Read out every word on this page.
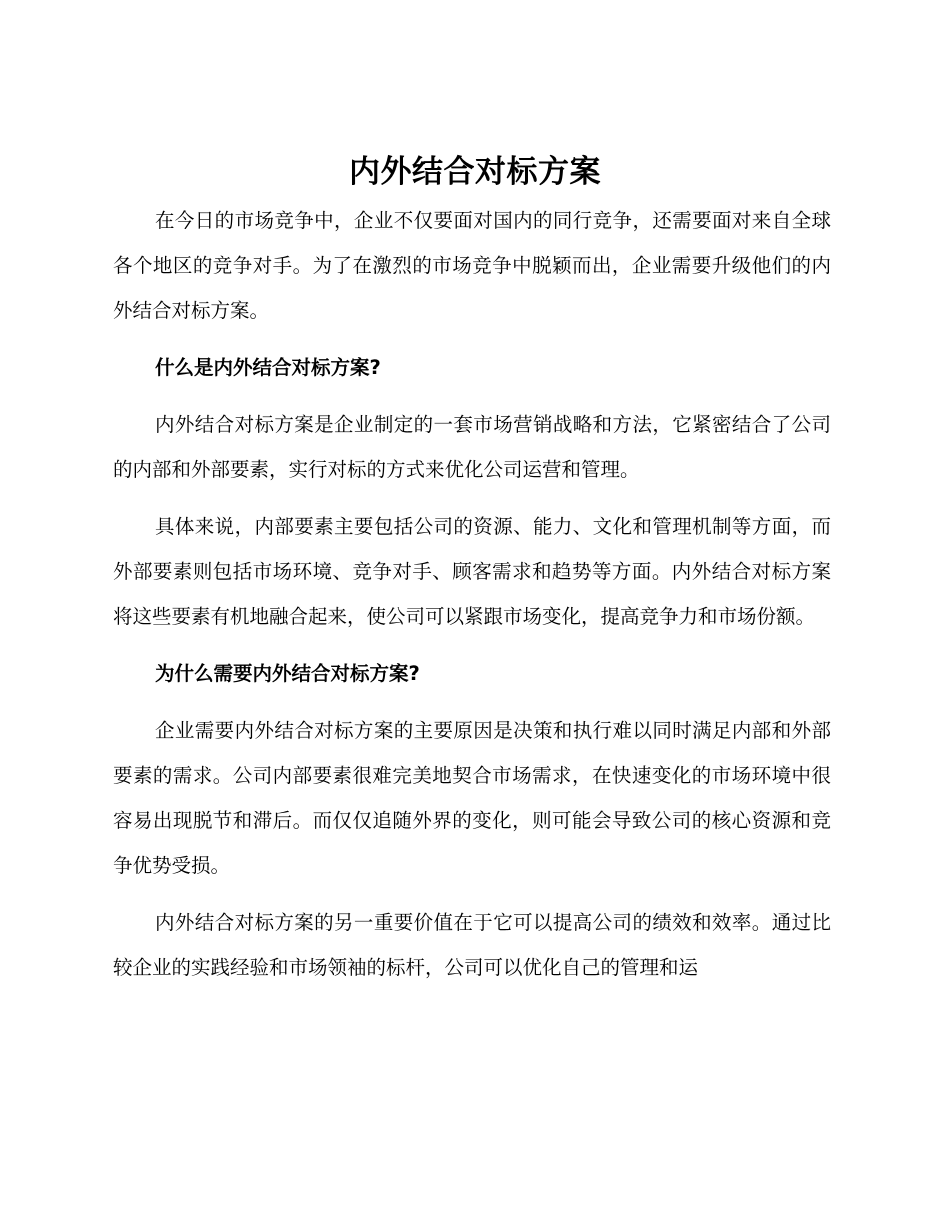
内外结合对标方案

在今日的市场竞争中，企业不仅要面对国内的同行竞争，还需要面对来自全球各个地区的竞争对手。为了在激烈的市场竞争中脱颖而出，企业需要升级他们的内外结合对标方案。

什么是内外结合对标方案?

内外结合对标方案是企业制定的一套市场营销战略和方法，它紧密结合了公司的内部和外部要素，实行对标的方式来优化公司运营和管理。

具体来说，内部要素主要包括公司的资源、能力、文化和管理机制等方面，而外部要素则包括市场环境、竞争对手、顾客需求和趋势等方面。内外结合对标方案将这些要素有机地融合起来，使公司可以紧跟市场变化，提高竞争力和市场份额。

为什么需要内外结合对标方案?

企业需要内外结合对标方案的主要原因是决策和执行难以同时满足内部和外部要素的需求。公司内部要素很难完美地契合市场需求，在快速变化的市场环境中很容易出现脱节和滞后。而仅仅追随外界的变化，则可能会导致公司的核心资源和竞争优势受损。

内外结合对标方案的另一重要价值在于它可以提高公司的绩效和效率。通过比较企业的实践经验和市场领袖的标杆，公司可以优化自己的管理和运
